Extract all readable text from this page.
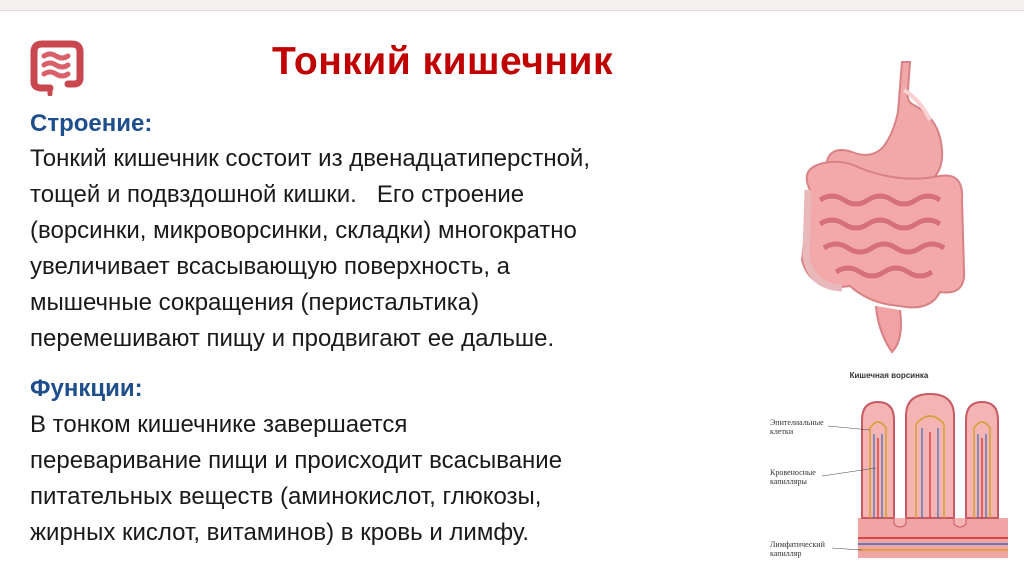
Тонкий кишечник
Строение:
Тонкий кишечник состоит из двенадцатиперстной,
тощей и подвздошной кишки.   Его строение
(ворсинки, микроворсинки, складки) многократно
увеличивает всасывающую поверхность, а
мышечные сокращения (перистальтика)
перемешивают пищу и продвигают ее дальше.
Функции:
В тонком кишечнике завершается
переваривание пищи и происходит всасывание
питательных веществ (аминокислот, глюкозы,
жирных кислот, витаминов) в кровь и лимфу.
Кишечная ворсинка
Эпителиальные
клетки
Кровеносные
капилляры
Лимфатический
капилляр
